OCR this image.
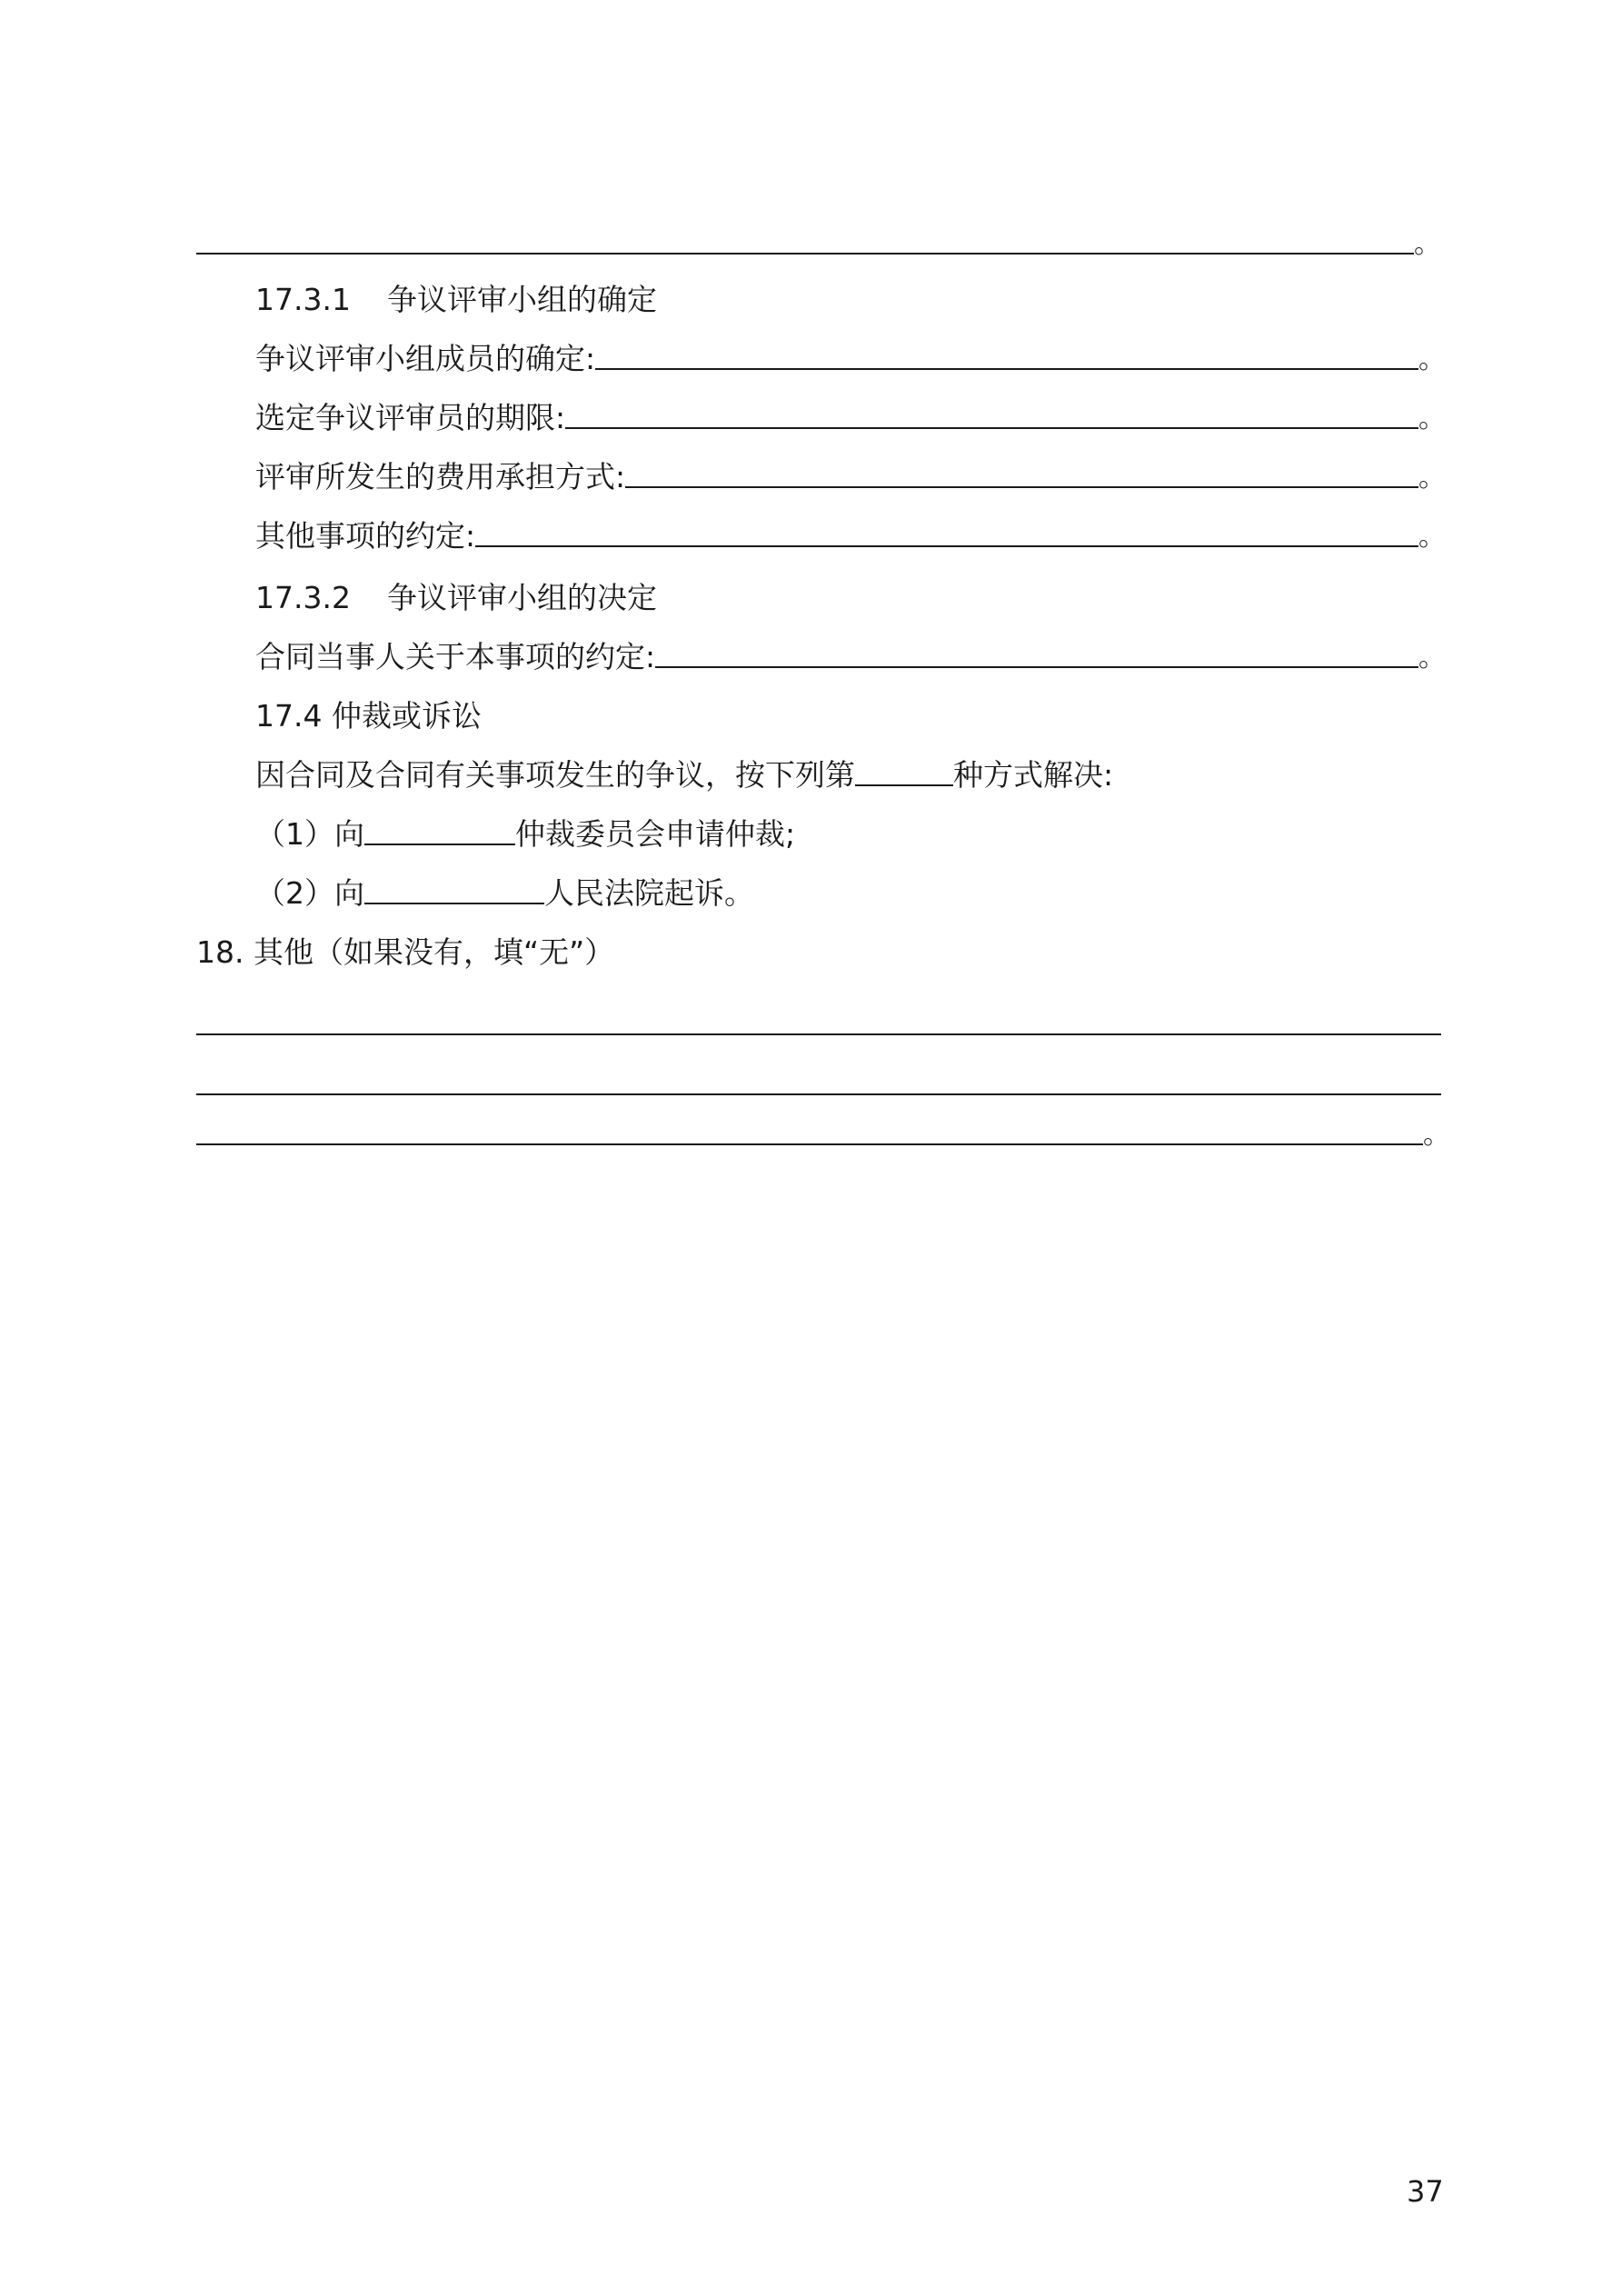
。
17.3.1 争议评审小组的确定
争议评审小组成员的确定:	。
选定争议评审员的期限:	。
评审所发生的费用承担方式:	。
其他事项的约定:	。
17.3.2 争议评审小组的决定
合同当事人关于本事项的约定:	。
17.4 仲裁或诉讼
因合同及合同有关事项发生的争议，按下列第	种方式解决:
（1）向	仲裁委员会申请仲裁;
（2）向	人民法院起诉。
18. 其他（如果没有，填“无”）
。
37
